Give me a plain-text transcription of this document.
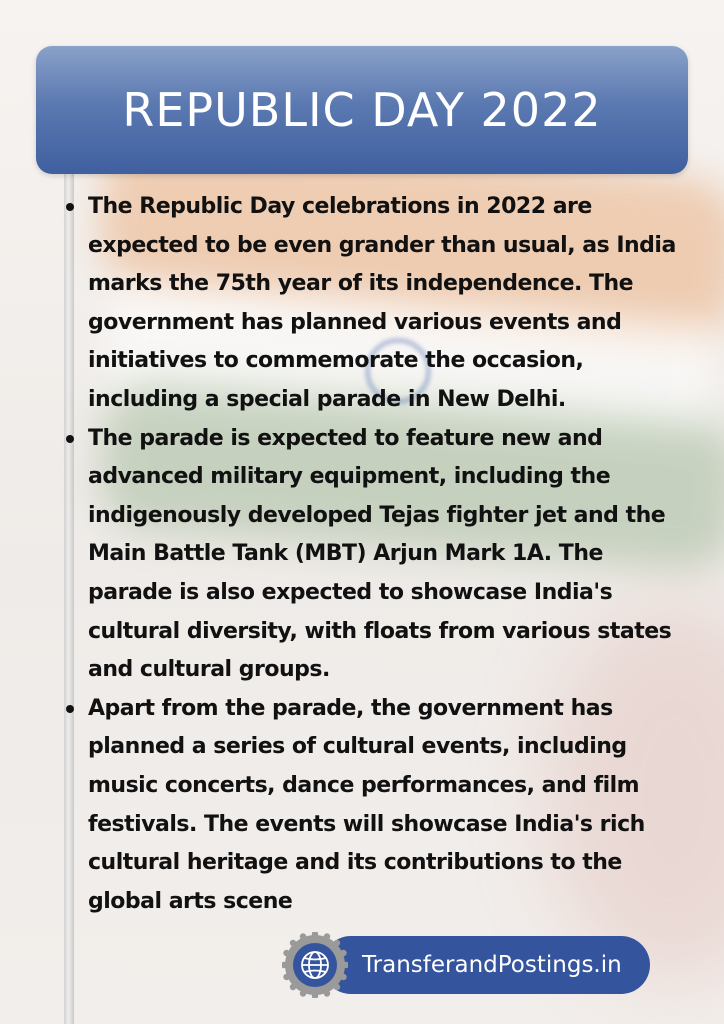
REPUBLIC DAY 2022
The Republic Day celebrations in 2022 are expected to be even grander than usual, as India marks the 75th year of its independence. The government has planned various events and initiatives to commemorate the occasion, including a special parade in New Delhi.
The parade is expected to feature new and advanced military equipment, including the indigenously developed Tejas fighter jet and the Main Battle Tank (MBT) Arjun Mark 1A. The parade is also expected to showcase India's cultural diversity, with floats from various states and cultural groups.
Apart from the parade, the government has planned a series of cultural events, including music concerts, dance performances, and film festivals. The events will showcase India's rich cultural heritage and its contributions to the global arts scene
TransferandPostings.in
